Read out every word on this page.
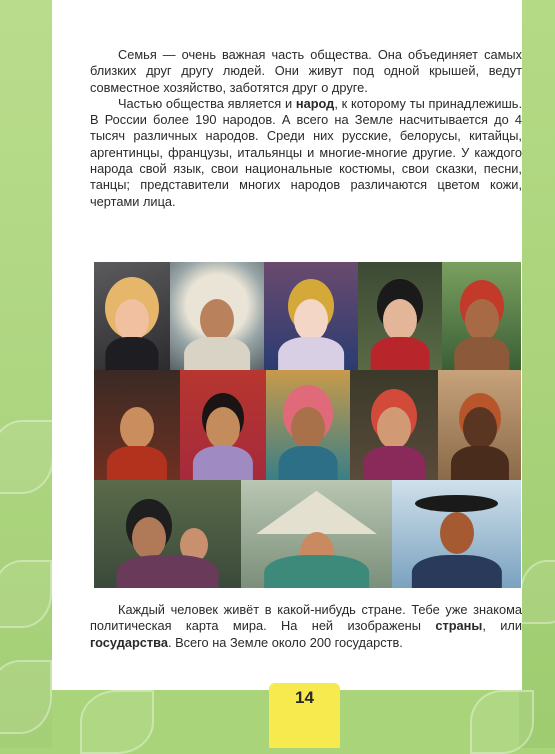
Семья — очень важная часть общества. Она объединяет самых близких друг другу людей. Они живут под одной крышей, ведут совместное хозяйство, заботятся друг о друге.

Частью общества является и народ, к которому ты принадлежишь. В России более 190 народов. А всего на Земле насчитывается до 4 тысяч различных народов. Среди них русские, белорусы, китайцы, аргентинцы, французы, итальянцы и многие-многие другие. У каждого народа свой язык, свои национальные костюмы, свои сказки, песни, танцы; представители многих народов различаются цветом кожи, чертами лица.

Каждый человек живёт в какой-нибудь стране. Тебе уже знакома политическая карта мира. На ней изображены страны, или государства. Всего на Земле около 200 государств.

14
